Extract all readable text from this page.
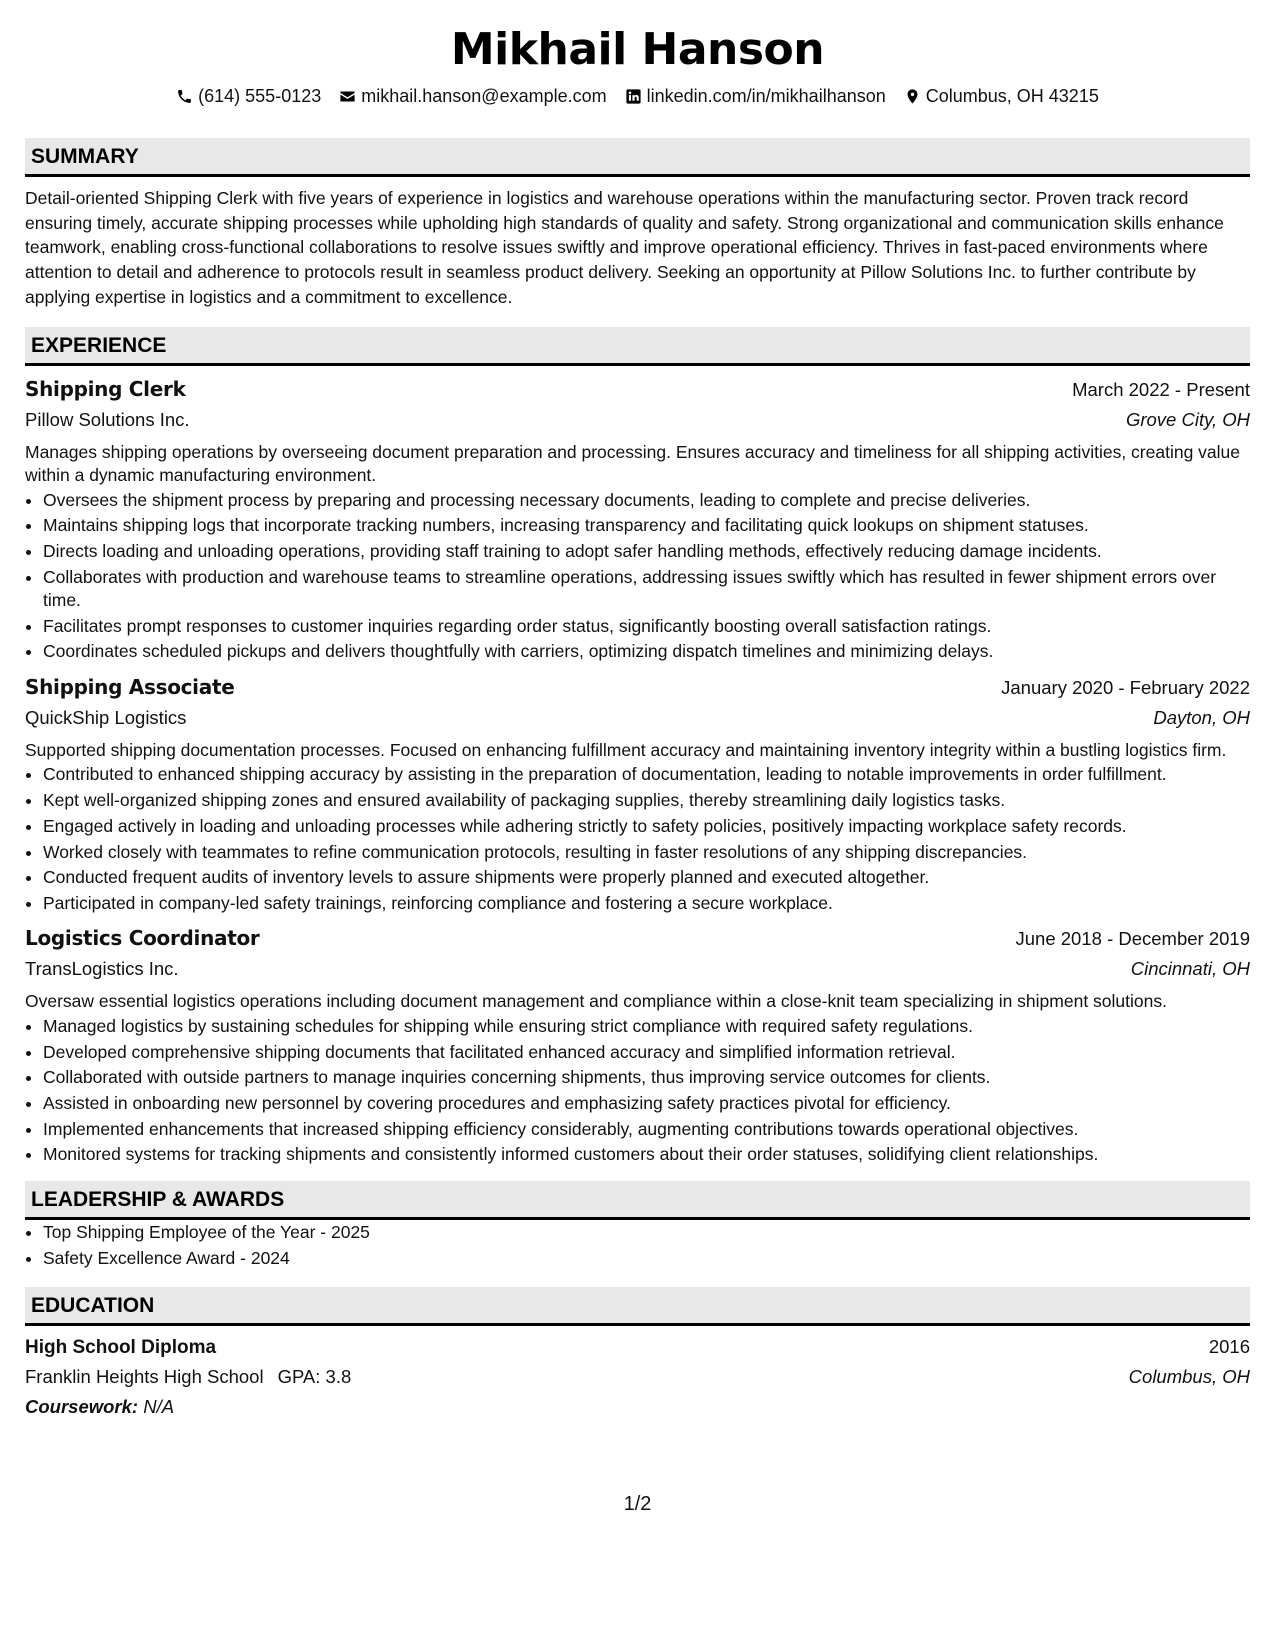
Mikhail Hanson
(614) 555-0123 mikhail.hanson@example.com linkedin.com/in/mikhailhanson Columbus, OH 43215
SUMMARY
Detail-oriented Shipping Clerk with five years of experience in logistics and warehouse operations within the manufacturing sector. Proven track record ensuring timely, accurate shipping processes while upholding high standards of quality and safety. Strong organizational and communication skills enhance teamwork, enabling cross-functional collaborations to resolve issues swiftly and improve operational efficiency. Thrives in fast-paced environments where attention to detail and adherence to protocols result in seamless product delivery. Seeking an opportunity at Pillow Solutions Inc. to further contribute by applying expertise in logistics and a commitment to excellence.
EXPERIENCE
Shipping Clerk	March 2022 - Present
Pillow Solutions Inc.	Grove City, OH
Manages shipping operations by overseeing document preparation and processing. Ensures accuracy and timeliness for all shipping activities, creating value within a dynamic manufacturing environment.
• Oversees the shipment process by preparing and processing necessary documents, leading to complete and precise deliveries.
• Maintains shipping logs that incorporate tracking numbers, increasing transparency and facilitating quick lookups on shipment statuses.
• Directs loading and unloading operations, providing staff training to adopt safer handling methods, effectively reducing damage incidents.
• Collaborates with production and warehouse teams to streamline operations, addressing issues swiftly which has resulted in fewer shipment errors over time.
• Facilitates prompt responses to customer inquiries regarding order status, significantly boosting overall satisfaction ratings.
• Coordinates scheduled pickups and delivers thoughtfully with carriers, optimizing dispatch timelines and minimizing delays.
Shipping Associate	January 2020 - February 2022
QuickShip Logistics	Dayton, OH
Supported shipping documentation processes. Focused on enhancing fulfillment accuracy and maintaining inventory integrity within a bustling logistics firm.
• Contributed to enhanced shipping accuracy by assisting in the preparation of documentation, leading to notable improvements in order fulfillment.
• Kept well-organized shipping zones and ensured availability of packaging supplies, thereby streamlining daily logistics tasks.
• Engaged actively in loading and unloading processes while adhering strictly to safety policies, positively impacting workplace safety records.
• Worked closely with teammates to refine communication protocols, resulting in faster resolutions of any shipping discrepancies.
• Conducted frequent audits of inventory levels to assure shipments were properly planned and executed altogether.
• Participated in company-led safety trainings, reinforcing compliance and fostering a secure workplace.
Logistics Coordinator	June 2018 - December 2019
TransLogistics Inc.	Cincinnati, OH
Oversaw essential logistics operations including document management and compliance within a close-knit team specializing in shipment solutions.
• Managed logistics by sustaining schedules for shipping while ensuring strict compliance with required safety regulations.
• Developed comprehensive shipping documents that facilitated enhanced accuracy and simplified information retrieval.
• Collaborated with outside partners to manage inquiries concerning shipments, thus improving service outcomes for clients.
• Assisted in onboarding new personnel by covering procedures and emphasizing safety practices pivotal for efficiency.
• Implemented enhancements that increased shipping efficiency considerably, augmenting contributions towards operational objectives.
• Monitored systems for tracking shipments and consistently informed customers about their order statuses, solidifying client relationships.
LEADERSHIP & AWARDS
• Top Shipping Employee of the Year - 2025
• Safety Excellence Award - 2024
EDUCATION
High School Diploma	2016
Franklin Heights High School GPA: 3.8	Columbus, OH
Coursework: N/A
1/2
